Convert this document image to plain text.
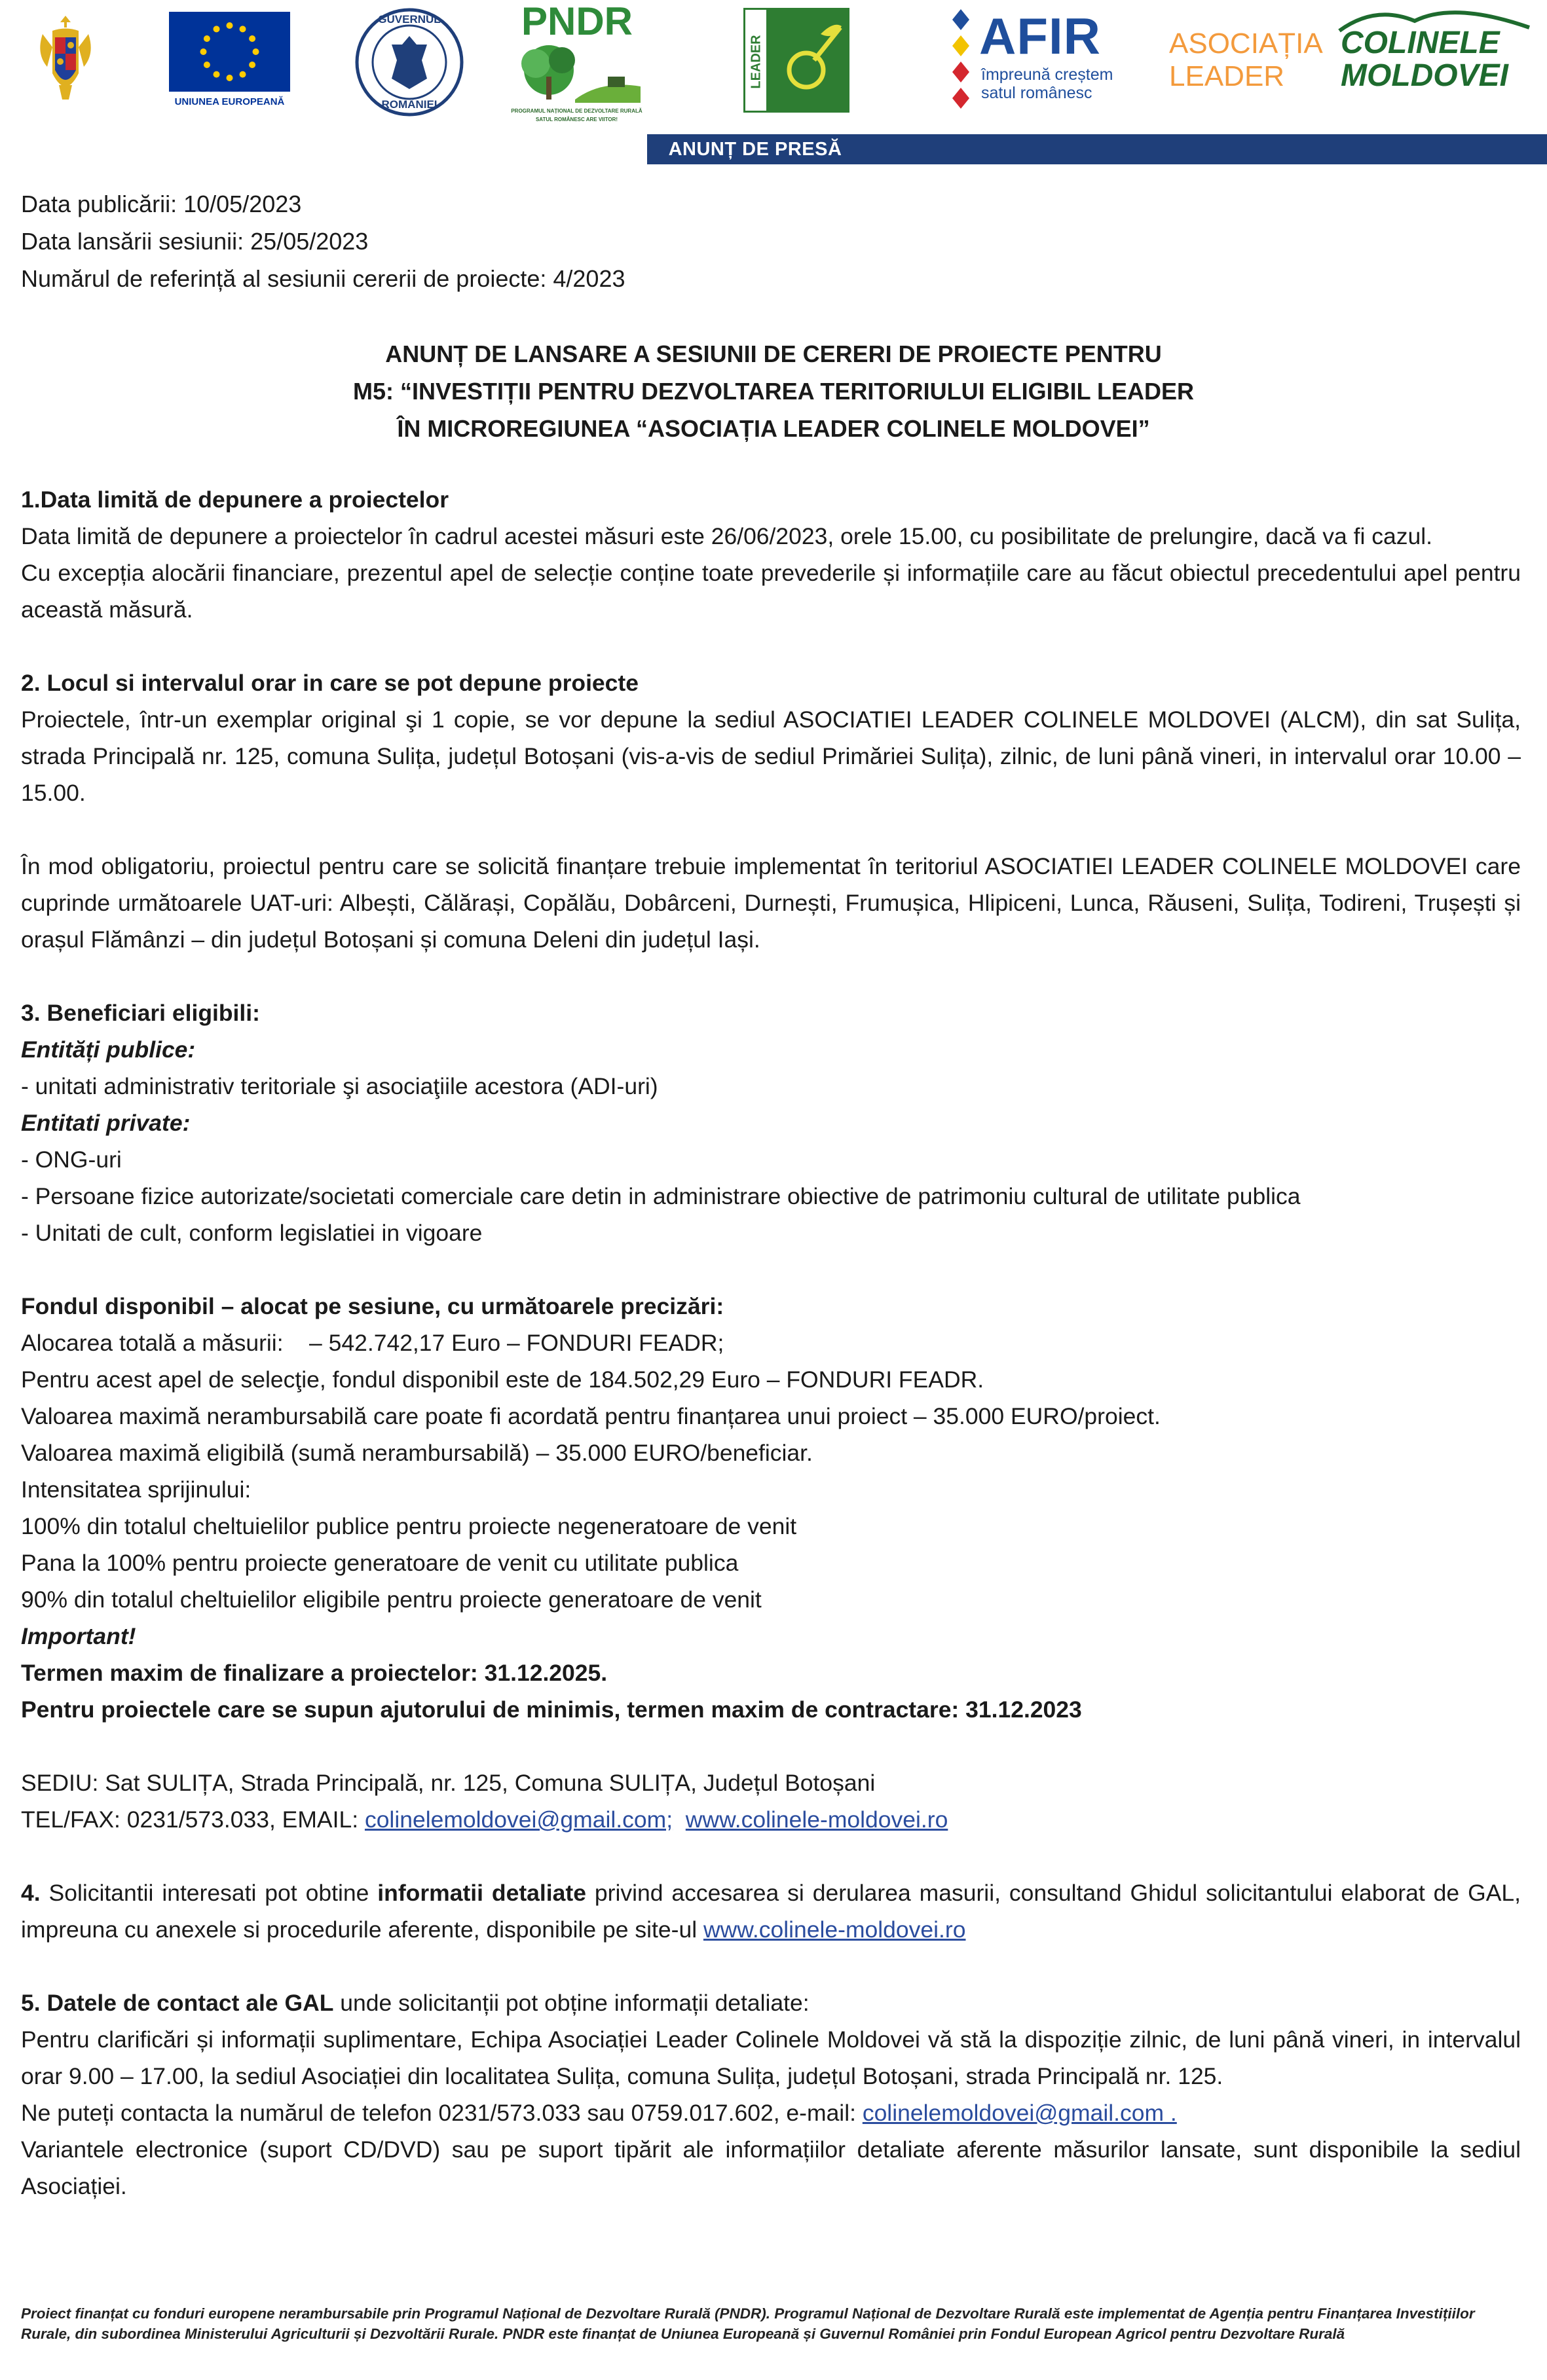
UNIUNEA EUROPEANĂ
GUVERNUL
ROMÂNIEI
PNDR
PROGRAMUL NAȚIONAL DE DEZVOLTARE RURALĂ
SATUL ROMÂNESC ARE VIITOR!
LEADER	AFIR
împreună creștem
satul românesc
ASOCIAȚIA
LEADER
COLINELE
MOLDOVEI
ANUNȚ DE PRESĂ
Data publicării: 10/05/2023
Data lansării sesiunii: 25/05/2023
Numărul de referință al sesiunii cererii de proiecte: 4/2023
ANUNȚ DE LANSARE A SESIUNII DE CERERI DE PROIECTE PENTRU
M5: “INVESTIȚII PENTRU DEZVOLTAREA TERITORIULUI ELIGIBIL LEADER
ÎN MICROREGIUNEA “ASOCIAȚIA LEADER COLINELE MOLDOVEI”

1.Data limită de depunere a proiectelor

Data limită de depunere a proiectelor în cadrul acestei măsuri este 26/06/2023, orele 15.00, cu posibilitate de prelungire, dacă va fi cazul.

Cu excepția alocării financiare, prezentul apel de selecție conține toate prevederile și informațiile care au făcut obiectul precedentului apel pentru această măsură.

2. Locul si intervalul orar in care se pot depune proiecte

Proiectele, într-un exemplar original şi 1 copie, se vor depune la sediul ASOCIATIEI LEADER COLINELE MOLDOVEI (ALCM), din sat Sulița, strada Principală nr. 125, comuna Sulița, județul Botoșani (vis-a-vis de sediul Primăriei Sulița), zilnic, de luni până vineri, in intervalul orar 10.00 – 15.00.

În mod obligatoriu, proiectul pentru care se solicită finanțare trebuie implementat în teritoriul ASOCIATIEI LEADER COLINELE MOLDOVEI care cuprinde următoarele UAT-uri: Albești, Călărași, Copălău, Dobârceni, Durnești, Frumușica, Hlipiceni, Lunca, Răuseni, Sulița, Todireni, Trușești și orașul Flămânzi – din județul Botoșani și comuna Deleni din județul Iași.

3. Beneficiari eligibili:

Entități publice:

- unitati administrativ teritoriale şi asociaţiile acestora (ADI-uri)

Entitati private:

- ONG-uri

- Persoane fizice autorizate/societati comerciale care detin in administrare obiective de patrimoniu cultural de utilitate publica

- Unitati de cult, conform legislatiei in vigoare

Fondul disponibil – alocat pe sesiune, cu următoarele precizări:

Alocarea totală a măsurii:    – 542.742,17 Euro – FONDURI FEADR;

Pentru acest apel de selecţie, fondul disponibil este de 184.502,29 Euro – FONDURI FEADR.

Valoarea maximă nerambursabilă care poate fi acordată pentru finanțarea unui proiect – 35.000 EURO/proiect.

Valoarea maximă eligibilă (sumă nerambursabilă) – 35.000 EURO/beneficiar.

Intensitatea sprijinului:

100% din totalul cheltuielilor publice pentru proiecte negeneratoare de venit

Pana la 100% pentru proiecte generatoare de venit cu utilitate publica

90% din totalul cheltuielilor eligibile pentru proiecte generatoare de venit

Important!

Termen maxim de finalizare a proiectelor: 31.12.2025.

Pentru proiectele care se supun ajutorului de minimis, termen maxim de contractare: 31.12.2023

SEDIU: Sat SULIȚA, Strada Principală, nr. 125, Comuna SULIȚA, Județul Botoșani

TEL/FAX: 0231/573.033, EMAIL: colinelemoldovei@gmail.com; www.colinele-moldovei.ro

4. Solicitantii interesati pot obtine informatii detaliate privind accesarea si derularea masurii, consultand Ghidul solicitantului elaborat de GAL, impreuna cu anexele si procedurile aferente, disponibile pe site-ul www.colinele-moldovei.ro

5. Datele de contact ale GAL unde solicitanții pot obține informații detaliate:

Pentru clarificări și informații suplimentare, Echipa Asociației Leader Colinele Moldovei vă stă la dispoziție zilnic, de luni până vineri, in intervalul orar 9.00 – 17.00, la sediul Asociației din localitatea Sulița, comuna Sulița, județul Botoșani, strada Principală nr. 125.

Ne puteți contacta la numărul de telefon 0231/573.033 sau 0759.017.602, e-mail: colinelemoldovei@gmail.com .

Variantele electronice (suport CD/DVD) sau pe suport tipărit ale informațiilor detaliate aferente măsurilor lansate, sunt disponibile la sediul Asociației.

Proiect finanțat cu fonduri europene nerambursabile prin Programul Național de Dezvoltare Rurală (PNDR). Programul Național de Dezvoltare Rurală este implementat de Agenția pentru Finanțarea Investițiilor Rurale, din subordinea Ministerului Agriculturii și Dezvoltării Rurale. PNDR este finanțat de Uniunea Europeană și Guvernul României prin Fondul European Agricol pentru Dezvoltare Rurală
